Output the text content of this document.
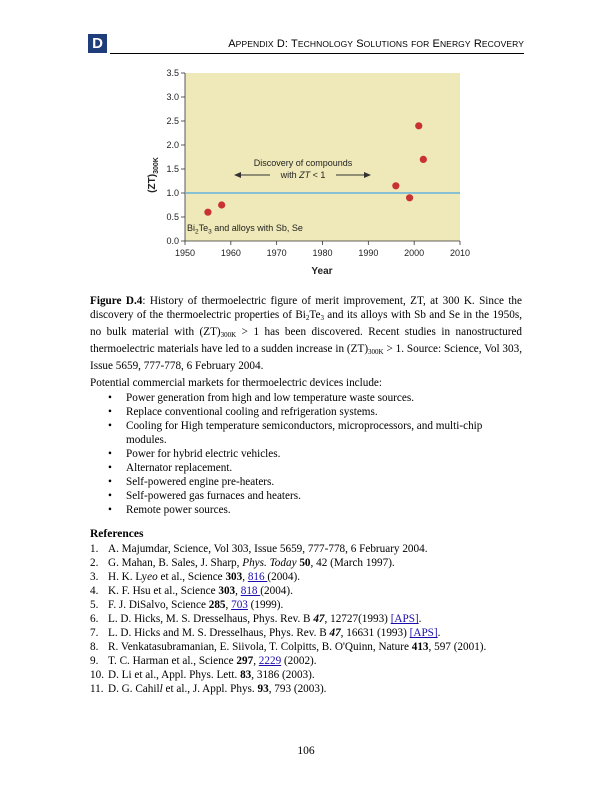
D	APPENDIX D: TECHNOLOGY SOLUTIONS FOR ENERGY RECOVERY
0.0
0.5
1.0
1.5
2.0
2.5
3.0
3.5
1950	1960	1970	1980	1990	2000	2010
Discovery of compounds
with ZT < 1
$Bi_2Te_3$ and alloys with Sb, Se
$(ZT)_{300K}$
Year
Figure D.4: History of thermoelectric figure of merit improvement, ZT, at 300 K. Since the discovery of the thermoelectric properties of $Bi_2Te_3$ and its alloys with Sb and Se in the 1950s, no bulk material with $(ZT)_{300K} > 1$ has been discovered. Recent studies in nanostructured thermoelectric materials have led to a sudden increase in $(ZT)_{300K} > 1$. Source: Science, Vol 303, Issue 5659, 777-778, 6 February 2004.
Potential commercial markets for thermoelectric devices include:
• Power generation from high and low temperature waste sources.
• Replace conventional cooling and refrigeration systems.
• Cooling for High temperature semiconductors, microprocessors, and multi-chip modules.
• Power for hybrid electric vehicles.
• Alternator replacement.
• Self-powered engine pre-heaters.
• Self-powered gas furnaces and heaters.
• Remote power sources.
References
1. A. Majumdar, Science, Vol 303, Issue 5659, 777-778, 6 February 2004.
2. G. Mahan, B. Sales, J. Sharp, Phys. Today 50, 42 (March 1997).
3. H. K. Lyeo et al., Science 303, 816 (2004).
4. K. F. Hsu et al., Science 303, 818 (2004).
5. F. J. DiSalvo, Science 285, 703 (1999).
6. L. D. Hicks, M. S. Dresselhaus, Phys. Rev. B 47, 12727(1993) [APS].
7. L. D. Hicks and M. S. Dresselhaus, Phys. Rev. B 47, 16631 (1993) [APS].
8. R. Venkatasubramanian, E. Siivola, T. Colpitts, B. O'Quinn, Nature 413, 597 (2001).
9. T. C. Harman et al., Science 297, 2229 (2002).
10. D. Li et al., Appl. Phys. Lett. 83, 3186 (2003).
11. D. G. Cahill et al., J. Appl. Phys. 93, 793 (2003).
106
